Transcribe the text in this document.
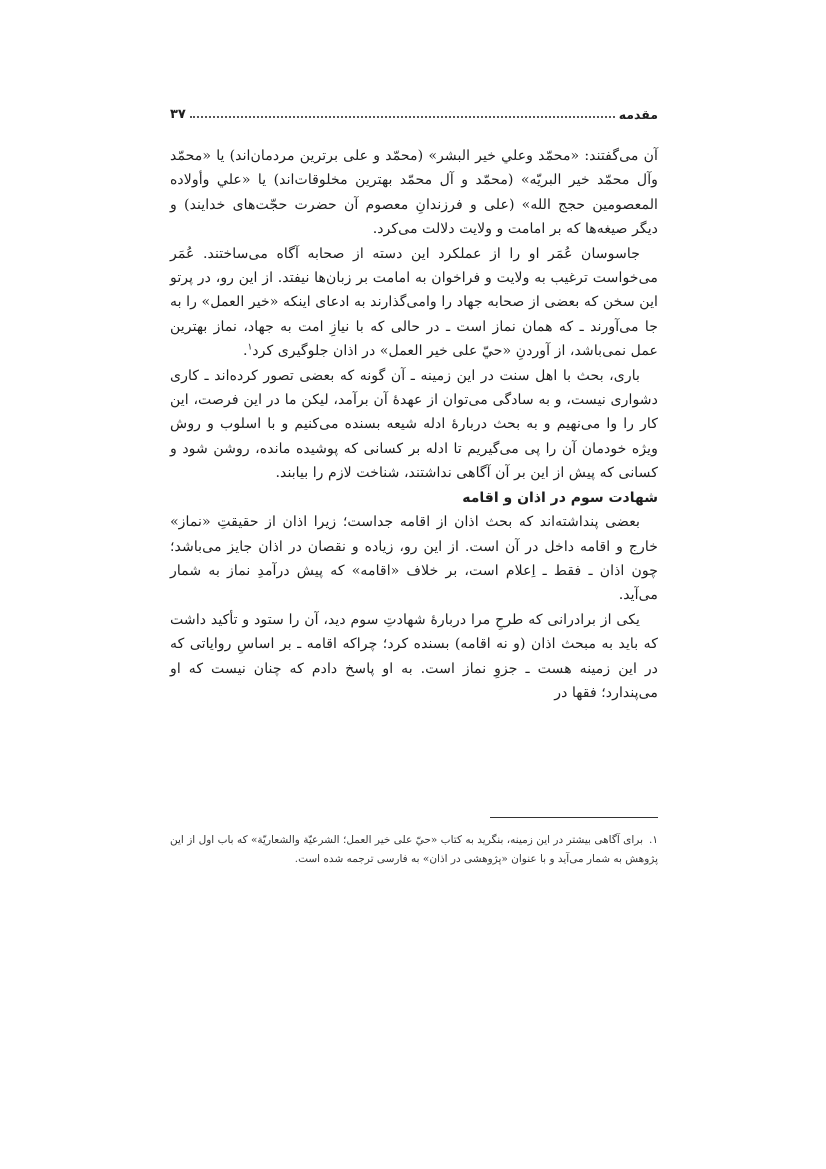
مقدمه
۳۷

آن می‌گفتند: «محمّد وعلي خير البشر» (محمّد و علی برترین مردمان‌اند) یا «محمّد وآل محمّد خير البريّه» (محمّد و آل محمّد بهترین مخلوقات‌اند) یا «علي وأولاده المعصومين حجج الله» (علی و فرزندانِ معصوم آن حضرت حجّت‌های خدایند) و دیگر صیغه‌ها که بر امامت و ولایت دلالت می‌کرد.

جاسوسان عُمَر او را از عملکرد این دسته از صحابه آگاه می‌ساختند. عُمَر می‌خواست ترغیب به ولایت و فراخوان به امامت بر زبان‌ها نیفتد. از این رو، در پرتو این سخن که بعضی از صحابه جهاد را وامی‌گذارند به ادعای اینکه «خير العمل» را به جا می‌آورند ـ که همان نماز است ـ در حالی که با نیازِ امت به جهاد، نماز بهترین عمل نمی‌باشد، از آوردنِ «حيّ علی خير العمل» در اذان جلوگیری کرد$^۱$.

باری، بحث با اهل سنت در این زمینه ـ آن گونه که بعضی تصور کرده‌اند ـ کاری دشواری نیست، و به سادگی می‌توان از عهدهٔ آن برآمد، لیکن ما در این فرصت، این کار را وا می‌نهیم و به بحث دربارهٔ ادله شیعه بسنده می‌کنیم و با اسلوب و روش ویژه خودمان آن را پی می‌گیریم تا ادله بر کسانی که پوشیده مانده، روشن شود و کسانی که پیش از این بر آن آگاهی نداشتند، شناخت لازم را بیابند.

شهادت سوم در اذان و اقامه

بعضی پنداشته‌اند که بحث اذان از اقامه جداست؛ زیرا اذان از حقیقتِ «نماز» خارج و اقامه داخل در آن است. از این رو، زیاده و نقصان در اذان جایز می‌باشد؛ چون اذان ـ فقط ـ اِعلام است، بر خلاف «اقامه» که پیش درآمدِ نماز به شمار می‌آید.

یکی از برادرانی که طرحِ مرا دربارهٔ شهادتِ سوم دید، آن را ستود و تأکید داشت که باید به مبحث اذان (و نه اقامه) بسنده کرد؛ چراکه اقامه ـ بر اساسِ روایاتی که در این زمینه هست ـ جزوِ نماز است. به او پاسخ دادم که چنان نیست که او می‌پندارد؛ فقها در

۱.برای آگاهی بیشتر در این زمینه، بنگرید به کتاب «حيّ علی خير العمل؛ الشرعيّة والشعاريّة» که باب اول از این پژوهش به شمار می‌آید و با عنوان «پژوهشی در اذان» به فارسی ترجمه شده است.
